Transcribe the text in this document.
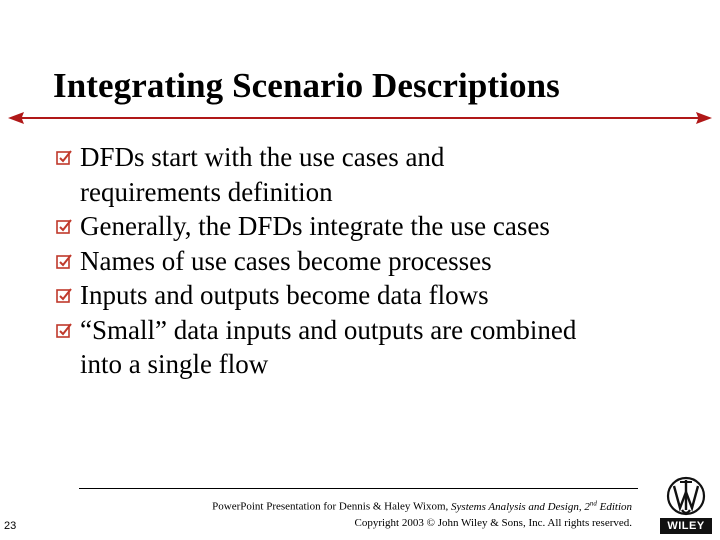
Integrating Scenario Descriptions
DFDs start with the use cases and
requirements definition
Generally, the DFDs integrate the use cases
Names of use cases become processes
Inputs and outputs become data flows
“Small” data inputs and outputs are combined
into a single flow
PowerPoint Presentation for Dennis & Haley Wixom, Systems Analysis and Design, 2nd Edition
Copyright 2003 © John Wiley & Sons, Inc. All rights reserved.
23	WILEY
